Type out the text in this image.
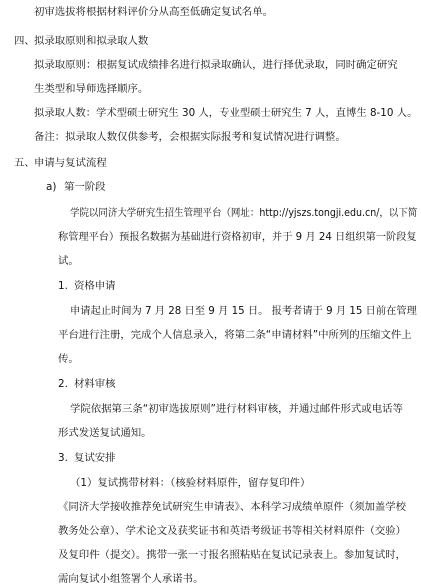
初审选拔将根据材料评价分从高至低确定复试名单。
四、 拟录取原则和拟录取人数
拟录取原则：根据复试成绩排名进行拟录取确认，进行择优录取，同时确定研究
生类型和导师选择顺序。
拟录取人数：学术型硕士研究生 30 人，专业型硕士研究生 7 人，直博生 8-10 人。
备注：拟录取人数仅供参考，会根据实际报考和复试情况进行调整。
五、 申请与复试流程
a) 第一阶段
学院以同济大学研究生招生管理平台（网址：http://yjszs.tongji.edu.cn/，以下简
称管理平台）预报名数据为基础进行资格初审，并于 9 月 24 日组织第一阶段复
试。
1. 资格申请
申请起止时间为 7 月 28 日至 9 月 15 日。 报考者请于 9 月 15 日前在管理
平台进行注册，完成个人信息录入，将第二条“申请材料”中所列的压缩文件上
传。
2. 材料审核
学院依据第三条“初审选拔原则”进行材料审核，并通过邮件形式或电话等
形式发送复试通知。
3. 复试安排
（1）复试携带材料：（核验材料原件，留存复印件）
《同济大学接收推荐免试研究生申请表》、本科学习成绩单原件（须加盖学校
教务处公章）、学术论文及获奖证书和英语考级证书等相关材料原件（交验）
及复印件（提交）。携带一张一寸报名照粘贴在复试记录表上。参加复试时，
需向复试小组签署个人承诺书。
